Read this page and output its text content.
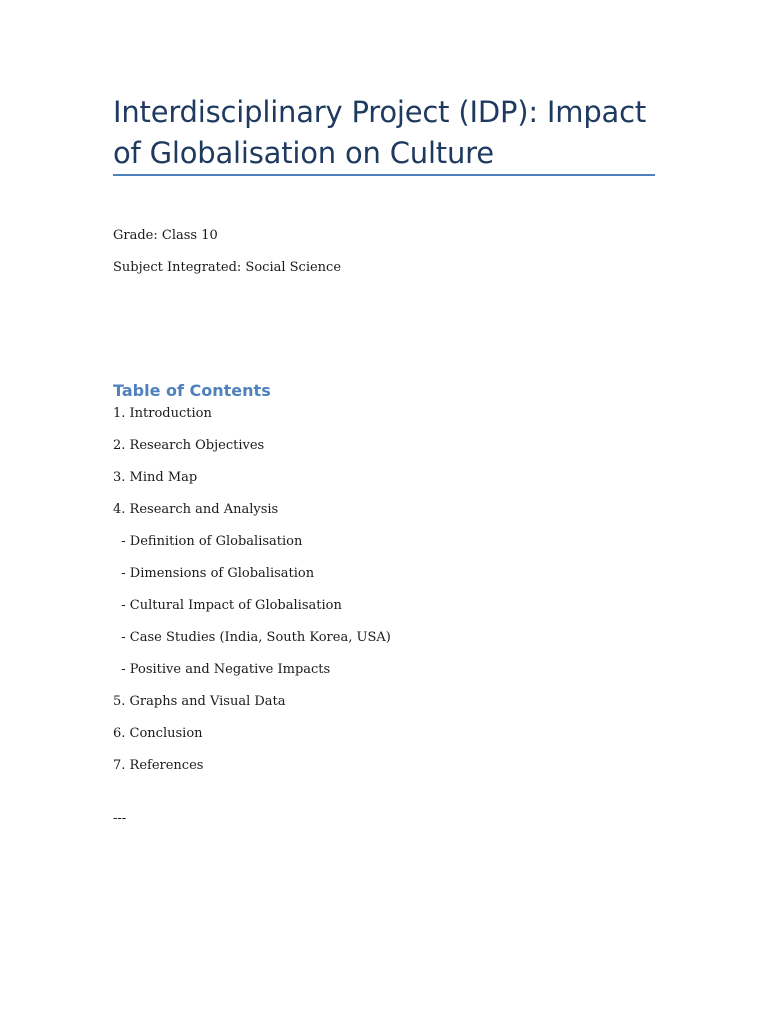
Interdisciplinary Project (IDP): Impact of Globalisation on Culture

Grade: Class 10

Subject Integrated: Social Science

Table of Contents
1. Introduction
2. Research Objectives
3. Mind Map
4. Research and Analysis
- Definition of Globalisation
- Dimensions of Globalisation
- Cultural Impact of Globalisation
- Case Studies (India, South Korea, USA)
- Positive and Negative Impacts
5. Graphs and Visual Data
6. Conclusion
7. References

---
